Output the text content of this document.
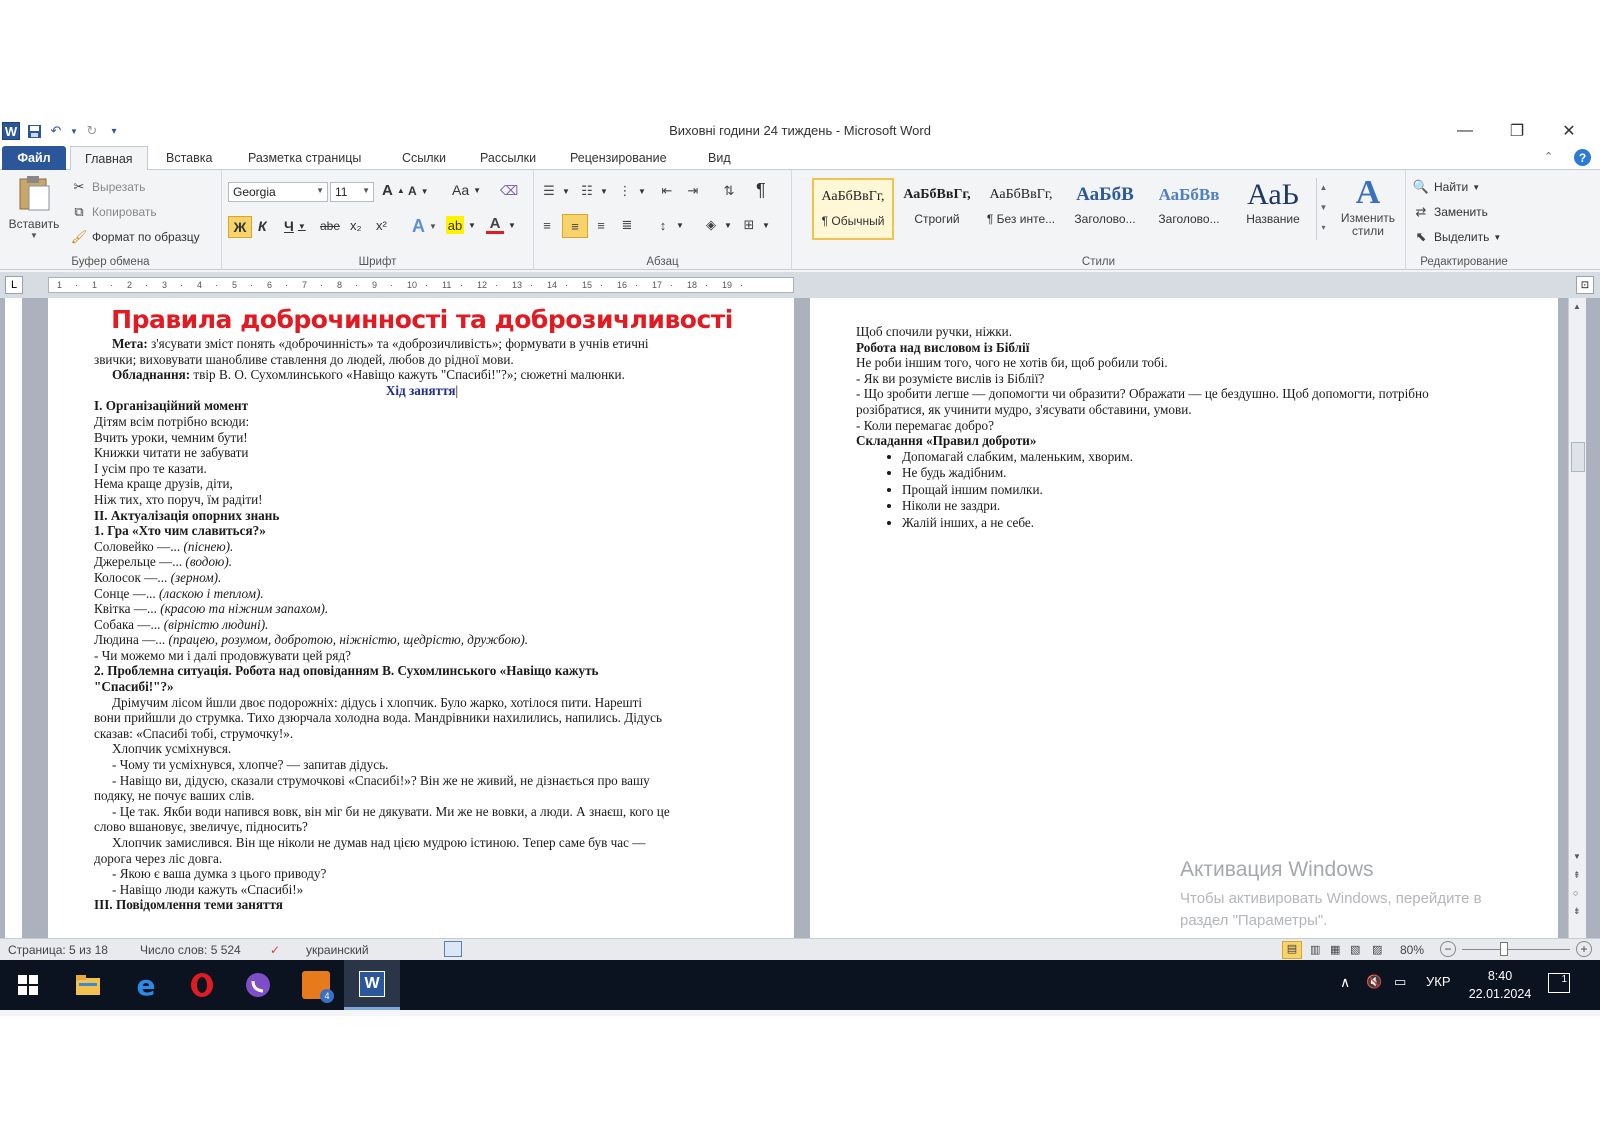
W	↶	▼ ↻	▾	Виховні години 24 тиждень - Microsoft Word	—	❐	✕
Файл	Главная	Вставка	Разметка страницы	Ссылки	Рассылки	Рецензирование	Вид	⌃	?
Вставить
▼
✂ Вырезать
⧉ Копировать
🖌 Формат по образцу
Буфер обмена
Georgia	▼ 11 ▼ A ▲ A ▼ Aa ▼ ⌫
Ж К Ч ▼ abe x₂ x² A ▼ ab ▼ A ▼
Шрифт
☰ ▼ ☷ ▼ ⋮ ▼ ⇤ ⇥ ⇅ ¶
≡	≡	≡	≣	↕	▼	◈	▼ ⊞ ▼
Абзац
АаБбВвГг,
¶ Обычный
АаБбВвГг,
Строгий
АаБбВвГг,
¶ Без инте...
АаБбВ
Заголово...
АаБбВв
Заголово...
АаЬ
Название
▲
▼
▾
A
Изменить стили
Стили
🔍 Найти ▼
⇄ Заменить
⬉ Выделить ▼
Редактирование
L	1 · 1 · 2 · 3 · 4 · 5 · 6 · 7 · 8 · 9 · 10 · 11 · 12 · 13 · 14 · 15 · 16 · 17 · 18 · 19 ·	⊡
Правила доброчинності та доброзичливості
Мета: з'ясувати зміст понять «доброчинність» та «доброзичливість»; формувати в учнів етичні
звички; виховувати шанобливе ставлення до людей, любов до рідної мови.
Обладнання: твір В. О. Сухомлинського «Навіщо кажуть "Спасибі!"?»; сюжетні малюнки.
Хід заняття|
I. Організаційний момент
Дітям всім потрібно всюди:
Вчить уроки, чемним бути!
Книжки читати не забувати
І усім про те казати.
Нема краще друзів, діти,
Ніж тих, хто поруч, їм радіти!
II. Актуалізація опорних знань
1. Гра «Хто чим славиться?»
Соловейко —... (піснею).
Джерельце —... (водою).
Колосок —... (зерном).
Сонце —... (ласкою і теплом).
Квітка —... (красою та ніжним запахом).
Собака —... (вірністю людині).
Людина —... (працею, розумом, добротою, ніжністю, щедрістю, дружбою).
- Чи можемо ми і далі продовжувати цей ряд?
2. Проблемна ситуація. Робота над оповіданням В. Сухомлинського «Навіщо кажуть
"Спасибі!"?»
Дрімучим лісом йшли двоє подорожніх: дідусь і хлопчик. Було жарко, хотілося пити. Нарешті
вони прийшли до струмка. Тихо дзюрчала холодна вода. Мандрівники нахилились, напились. Дідусь
сказав: «Спасибі тобі, струмочку!».
Хлопчик усміхнувся.
- Чому ти усміхнувся, хлопче? — запитав дідусь.
- Навіщо ви, дідусю, сказали струмочкові «Спасибі!»? Він же не живий, не дізнається про вашу
подяку, не почує ваших слів.
- Це так. Якби води напився вовк, він міг би не дякувати. Ми же не вовки, а люди. А знаєш, кого це
слово вшановує, звеличує, підносить?
Хлопчик замислився. Він ще ніколи не думав над цією мудрою істиною. Тепер саме був час —
дорога через ліс довга.
- Якою є ваша думка з цього приводу?
- Навіщо люди кажуть «Спасибі!»
III. Повідомлення теми заняття
Щоб спочили ручки, ніжки.
Робота над висловом із Біблії
Не роби іншим того, чого не хотів би, щоб робили тобі.
- Як ви розумієте вислів із Біблії?
- Що зробити легше — допомогти чи образити? Ображати — це бездушно. Щоб допомогти, потрібно
розібратися, як учинити мудро, з'ясувати обставини, умови.
- Коли перемагає добро?
Складання «Правил доброти»
• Допомагай слабким, маленьким, хворим.
• Не будь жадібним.
• Прощай іншим помилки.
• Ніколи не заздри.
• Жалій інших, а не себе.
▲
▼
⇞
○
⇟
Активация Windows
Чтобы активировать Windows, перейдите в
раздел "Параметры".
Страница: 5 из 18	Число слов: 5 524 ✓ украинский	▤	▥ ▦ ▧ ▨ 80%	−	+
e	4
W	∧ 🔇 ▭ УКР	8:40
22.01.2024
1
